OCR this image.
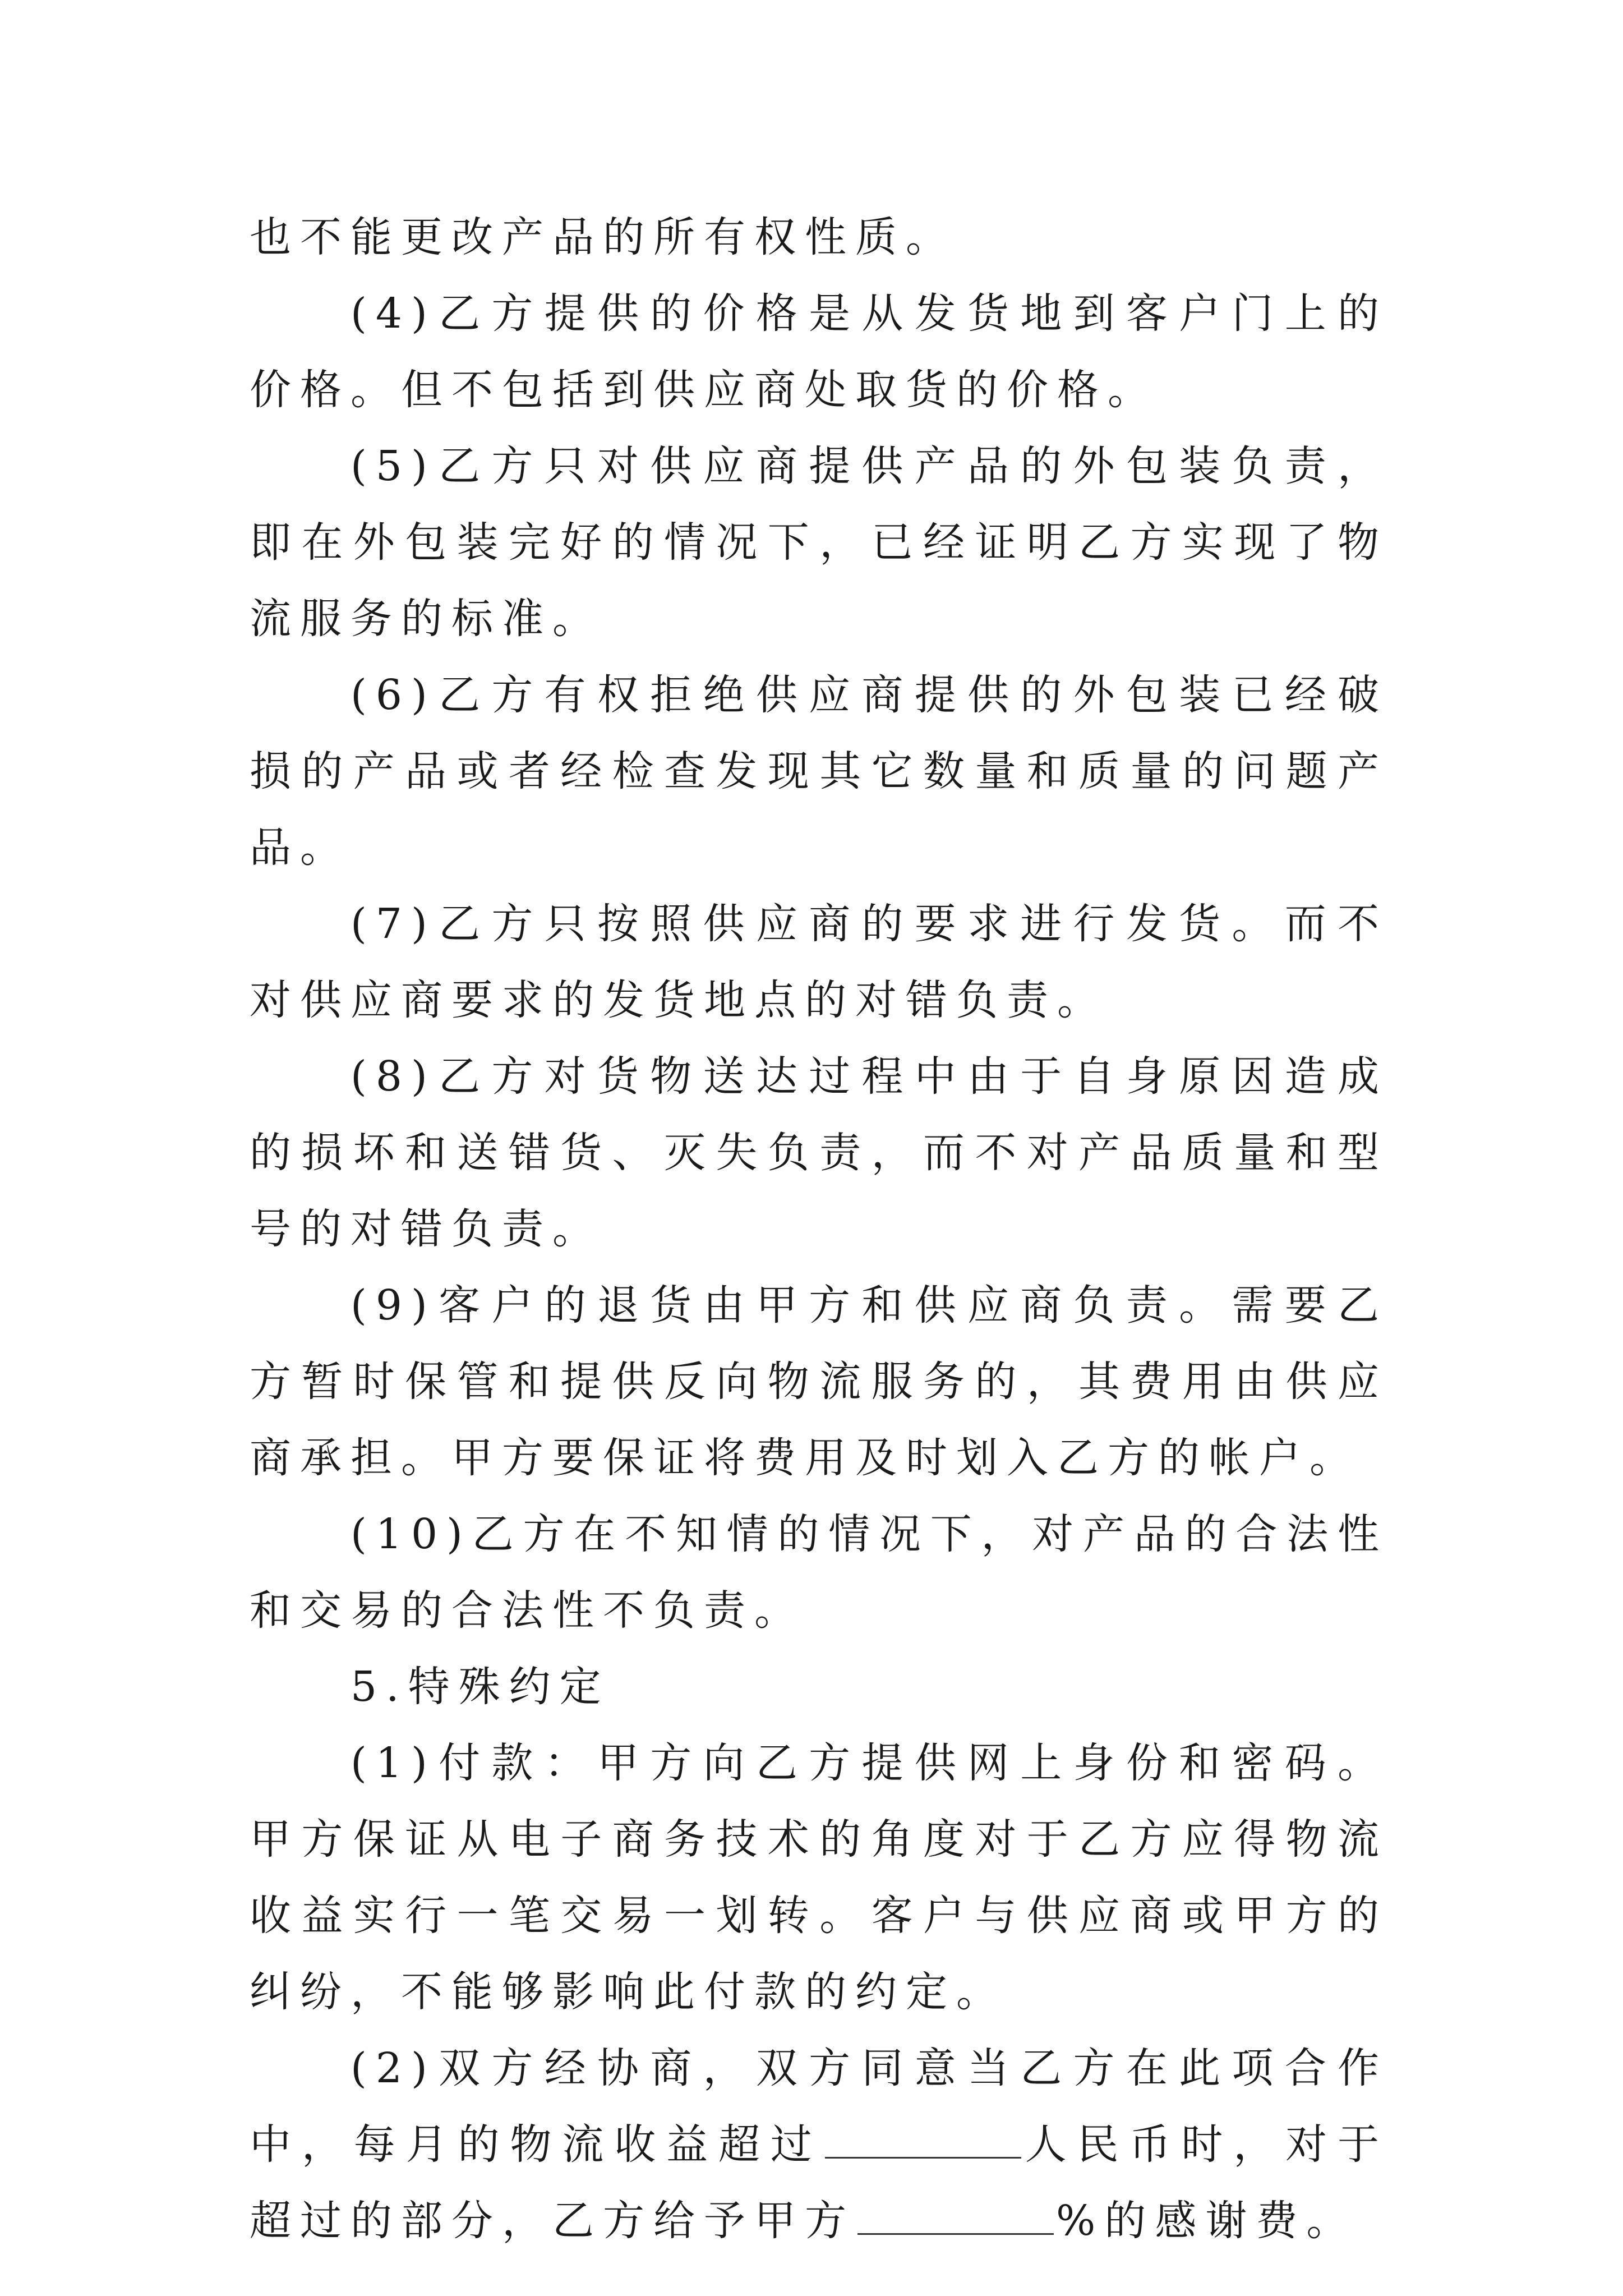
也不能更改产品的所有权性质。

(4)乙方提供的价格是从发货地到客户门上的价格。但不包括到供应商处取货的价格。

(5)乙方只对供应商提供产品的外包装负责，即在外包装完好的情况下，已经证明乙方实现了物流服务的标准。

(6)乙方有权拒绝供应商提供的外包装已经破损的产品或者经检查发现其它数量和质量的问题产品。

(7)乙方只按照供应商的要求进行发货。而不对供应商要求的发货地点的对错负责。

(8)乙方对货物送达过程中由于自身原因造成的损坏和送错货、灭失负责，而不对产品质量和型号的对错负责。

(9)客户的退货由甲方和供应商负责。需要乙方暂时保管和提供反向物流服务的，其费用由供应商承担。甲方要保证将费用及时划入乙方的帐户。

(10)乙方在不知情的情况下，对产品的合法性和交易的合法性不负责。

5.特殊约定

(1)付款：甲方向乙方提供网上身份和密码。甲方保证从电子商务技术的角度对于乙方应得物流收益实行一笔交易一划转。客户与供应商或甲方的纠纷，不能够影响此付款的约定。

(2)双方经协商，双方同意当乙方在此项合作中，每月的物流收益超过	人民币时，对于超过的部分，乙方给予甲方	%的感谢费。
